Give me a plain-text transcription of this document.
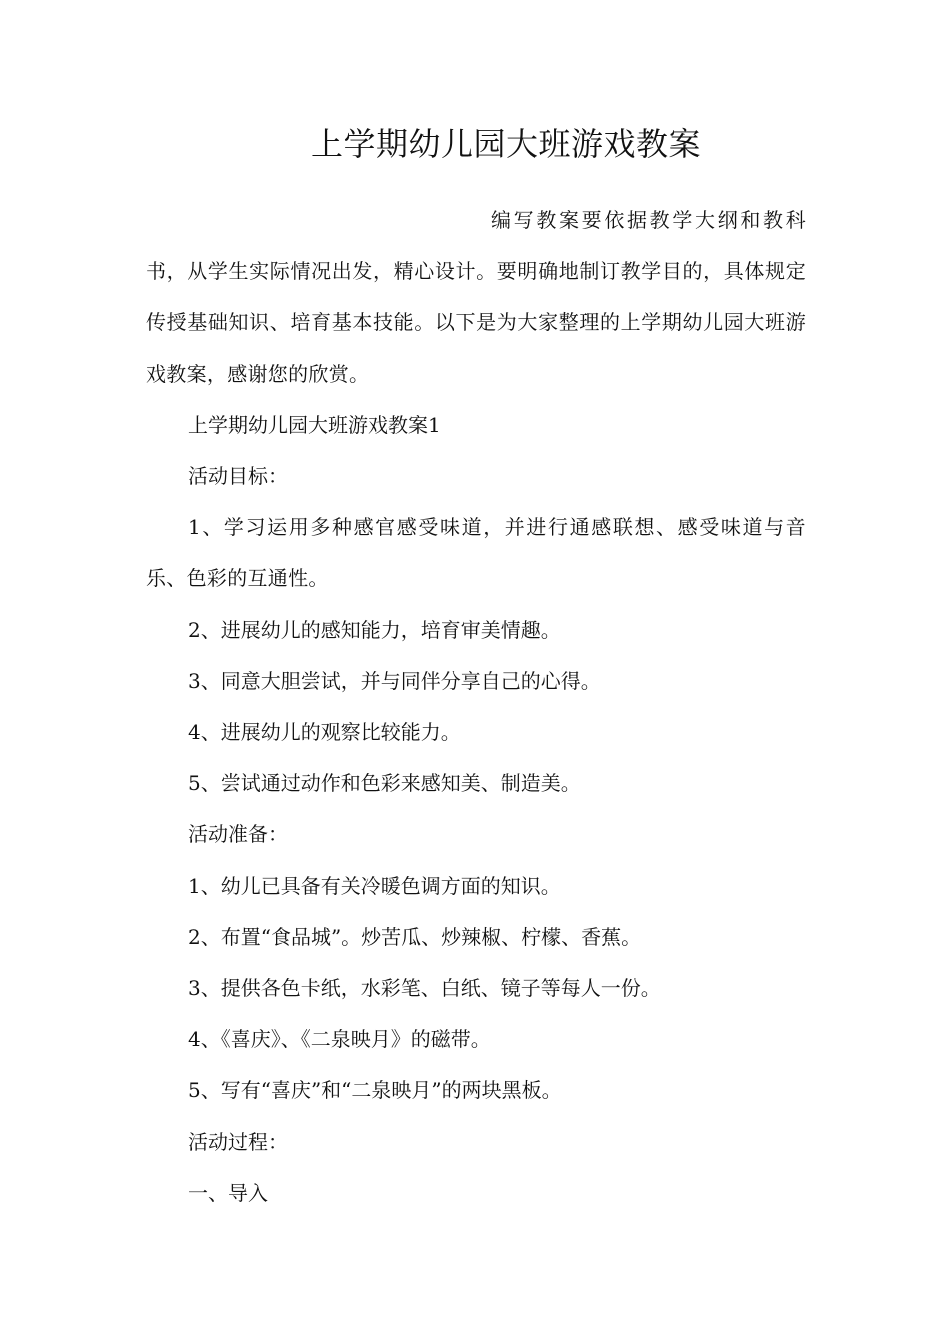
上学期幼儿园大班游戏教案

编写教案要依据教学大纲和教科书，从学生实际情况出发，精心设计。要明确地制订教学目的，具体规定传授基础知识、培育基本技能。以下是为大家整理的上学期幼儿园大班游戏教案，感谢您的欣赏。

上学期幼儿园大班游戏教案1

活动目标：

1、学习运用多种感官感受味道，并进行通感联想、感受味道与音乐、色彩的互通性。

2、进展幼儿的感知能力，培育审美情趣。

3、同意大胆尝试，并与同伴分享自己的心得。

4、进展幼儿的观察比较能力。

5、尝试通过动作和色彩来感知美、制造美。

活动准备：

1、幼儿已具备有关冷暖色调方面的知识。

2、布置“食品城”。炒苦瓜、炒辣椒、柠檬、香蕉。

3、提供各色卡纸，水彩笔、白纸、镜子等每人一份。

4、《喜庆》、《二泉映月》的磁带。

5、写有“喜庆”和“二泉映月”的两块黑板。

活动过程：

一、导入
